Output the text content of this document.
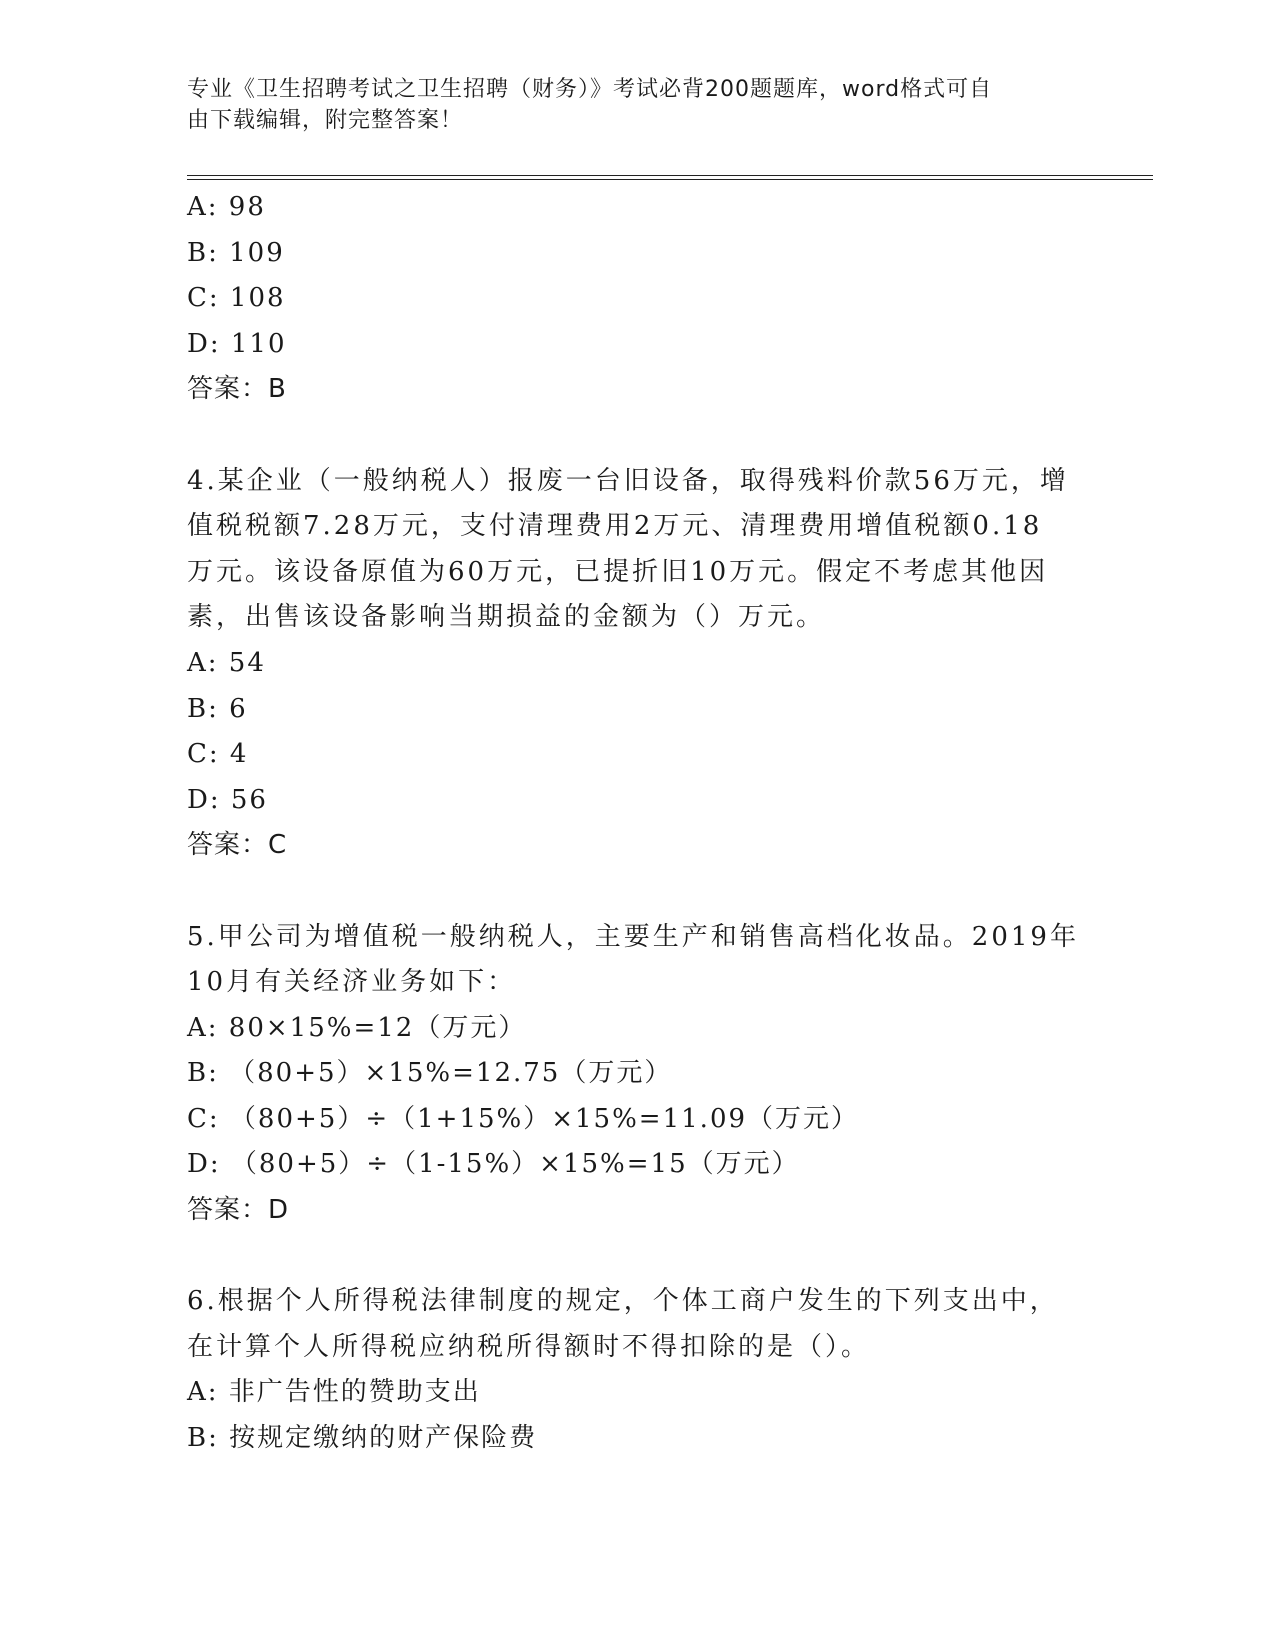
专业《卫生招聘考试之卫生招聘（财务）》考试必背200题题库，word格式可自
由下载编辑，附完整答案！
A: 98
B: 109
C: 108
D: 110
答案：B
4.某企业（一般纳税人）报废一台旧设备，取得残料价款56万元，增
值税税额7.28万元，支付清理费用2万元、清理费用增值税额0.18
万元。该设备原值为60万元，已提折旧10万元。假定不考虑其他因
素，出售该设备影响当期损益的金额为（）万元。
A: 54
B: 6
C: 4
D: 56
答案：C
5.甲公司为增值税一般纳税人，主要生产和销售高档化妆品。2019年
10月有关经济业务如下：
A: 80×15%=12（万元）
B: （80+5）×15%=12.75（万元）
C: （80+5）÷（1+15%）×15%=11.09（万元）
D: （80+5）÷（1-15%）×15%=15（万元）
答案：D
6.根据个人所得税法律制度的规定，个体工商户发生的下列支出中，
在计算个人所得税应纳税所得额时不得扣除的是（）。
A: 非广告性的赞助支出
B: 按规定缴纳的财产保险费
